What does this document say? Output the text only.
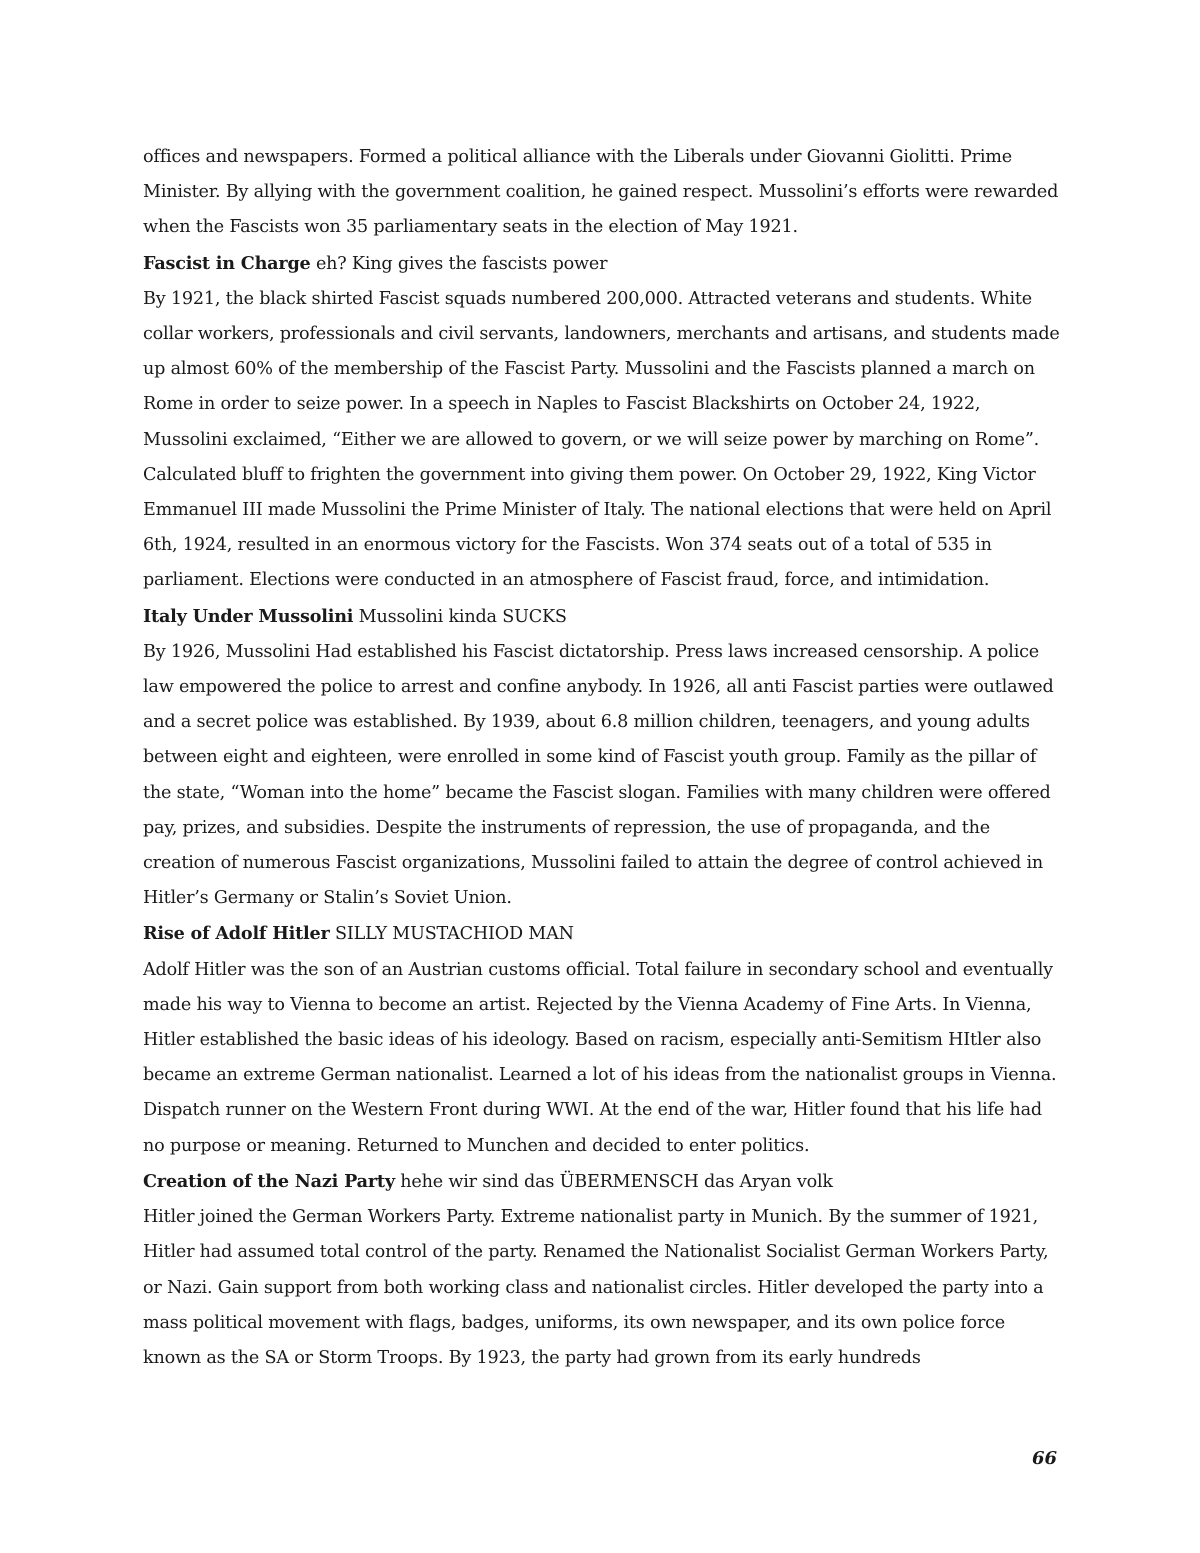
offices and newspapers. Formed a political alliance with the Liberals under Giovanni Giolitti. Prime Minister. By allying with the government coalition, he gained respect. Mussolini’s efforts were rewarded when the Fascists won 35 parliamentary seats in the election of May 1921.

Fascist in Charge eh? King gives the fascists power

By 1921, the black shirted Fascist squads numbered 200,000. Attracted veterans and students. White collar workers, professionals and civil servants, landowners, merchants and artisans, and students made up almost 60% of the membership of the Fascist Party. Mussolini and the Fascists planned a march on Rome in order to seize power. In a speech in Naples to Fascist Blackshirts on October 24, 1922, Mussolini exclaimed, “Either we are allowed to govern, or we will seize power by marching on Rome”. Calculated bluff to frighten the government into giving them power. On October 29, 1922, King Victor Emmanuel III made Mussolini the Prime Minister of Italy. The national elections that were held on April 6th, 1924, resulted in an enormous victory for the Fascists. Won 374 seats out of a total of 535 in parliament. Elections were conducted in an atmosphere of Fascist fraud, force, and intimidation.

Italy Under Mussolini Mussolini kinda SUCKS

By 1926, Mussolini Had established his Fascist dictatorship. Press laws increased censorship. A police law empowered the police to arrest and confine anybody. In 1926, all anti Fascist parties were outlawed and a secret police was established. By 1939, about 6.8 million children, teenagers, and young adults between eight and eighteen, were enrolled in some kind of Fascist youth group. Family as the pillar of the state, “Woman into the home” became the Fascist slogan. Families with many children were offered pay, prizes, and subsidies. Despite the instruments of repression, the use of propaganda, and the creation of numerous Fascist organizations, Mussolini failed to attain the degree of control achieved in Hitler’s Germany or Stalin’s Soviet Union.

Rise of Adolf Hitler SILLY MUSTACHIOD MAN

Adolf Hitler was the son of an Austrian customs official. Total failure in secondary school and eventually made his way to Vienna to become an artist. Rejected by the Vienna Academy of Fine Arts. In Vienna, Hitler established the basic ideas of his ideology. Based on racism, especially anti-Semitism HItler also became an extreme German nationalist. Learned a lot of his ideas from the nationalist groups in Vienna. Dispatch runner on the Western Front during WWI. At the end of the war, Hitler found that his life had no purpose or meaning. Returned to Munchen and decided to enter politics.

Creation of the Nazi Party hehe wir sind das ÜBERMENSCH das Aryan volk

Hitler joined the German Workers Party. Extreme nationalist party in Munich. By the summer of 1921, Hitler had assumed total control of the party. Renamed the Nationalist Socialist German Workers Party, or Nazi. Gain support from both working class and nationalist circles. Hitler developed the party into a mass political movement with flags, badges, uniforms, its own newspaper, and its own police force known as the SA or Storm Troops. By 1923, the party had grown from its early hundreds

66
